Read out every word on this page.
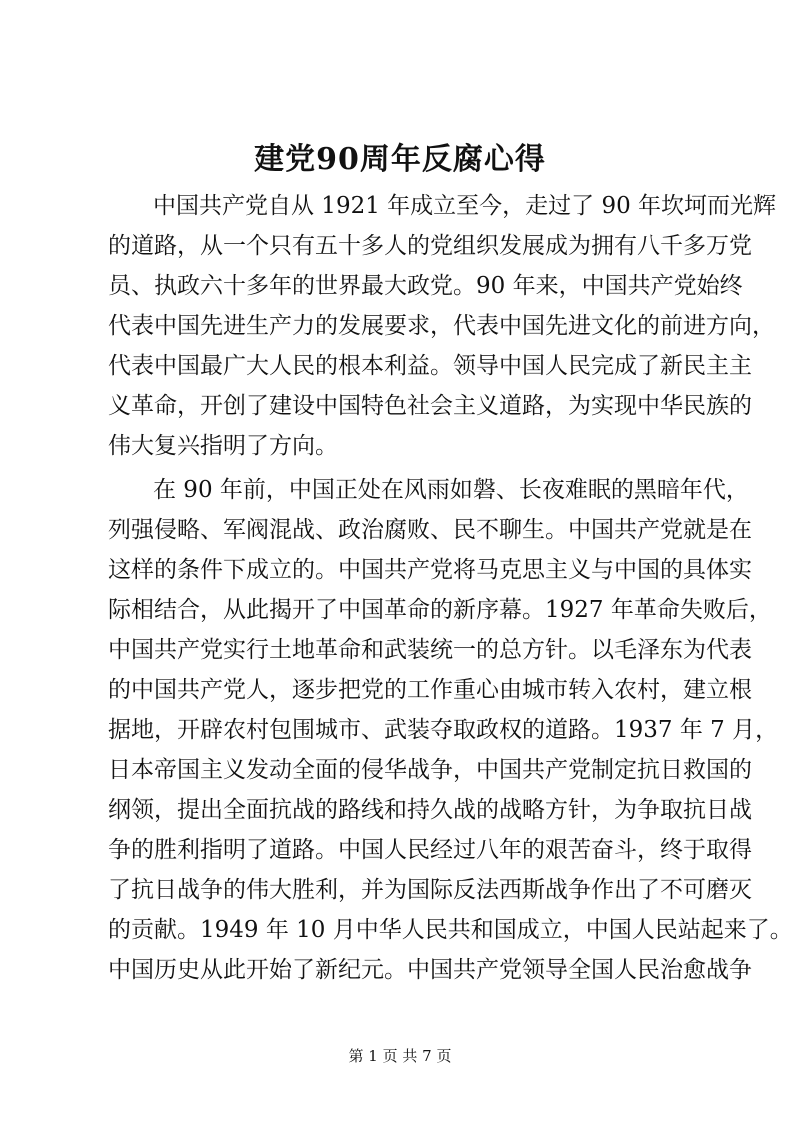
建党90周年反腐心得
中国共产党自从 1921 年成立至今，走过了 90 年坎坷而光辉
的道路，从一个只有五十多人的党组织发展成为拥有八千多万党
员、执政六十多年的世界最大政党。90 年来，中国共产党始终
代表中国先进生产力的发展要求，代表中国先进文化的前进方向，
代表中国最广大人民的根本利益。领导中国人民完成了新民主主
义革命，开创了建设中国特色社会主义道路，为实现中华民族的
伟大复兴指明了方向。
在 90 年前，中国正处在风雨如磐、长夜难眠的黑暗年代，
列强侵略、军阀混战、政治腐败、民不聊生。中国共产党就是在
这样的条件下成立的。中国共产党将马克思主义与中国的具体实
际相结合，从此揭开了中国革命的新序幕。1927 年革命失败后，
中国共产党实行土地革命和武装统一的总方针。以毛泽东为代表
的中国共产党人，逐步把党的工作重心由城市转入农村，建立根
据地，开辟农村包围城市、武装夺取政权的道路。1937 年 7 月，
日本帝国主义发动全面的侵华战争，中国共产党制定抗日救国的
纲领，提出全面抗战的路线和持久战的战略方针，为争取抗日战
争的胜利指明了道路。中国人民经过八年的艰苦奋斗，终于取得
了抗日战争的伟大胜利，并为国际反法西斯战争作出了不可磨灭
的贡献。1949 年 10 月中华人民共和国成立，中国人民站起来了。
中国历史从此开始了新纪元。中国共产党领导全国人民治愈战争
第 1 页 共 7 页
